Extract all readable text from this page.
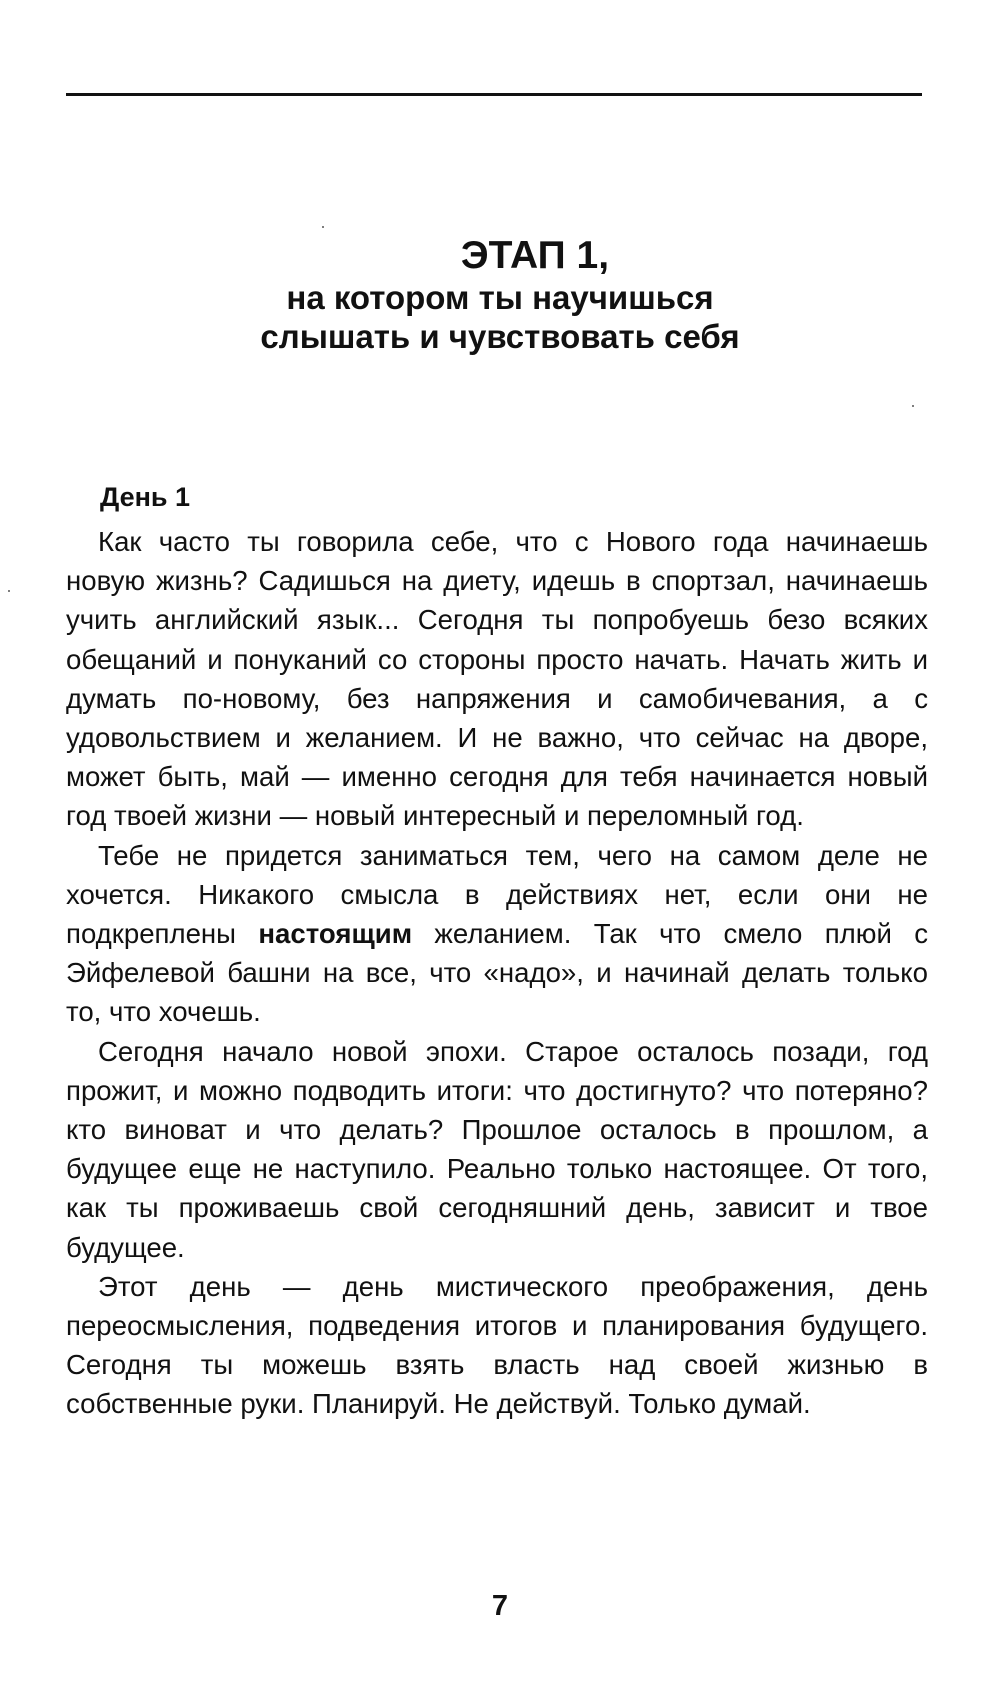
ЭТАП 1,
на котором ты научишься
слышать и чувствовать себя
День 1

Как часто ты говорила себе, что с Нового года начинаешь новую жизнь? Садишься на диету, идешь в спортзал, начинаешь учить английский язык... Сегодня ты попробуешь безо всяких обещаний и понуканий со стороны просто начать. Начать жить и думать по-новому, без напряжения и самобичевания, а с удовольствием и желанием. И не важно, что сейчас на дворе, может быть, май — именно сегодня для тебя начинается новый год твоей жизни — новый интересный и переломный год.

Тебе не придется заниматься тем, чего на самом деле не хочется. Никакого смысла в действиях нет, если они не подкреплены настоящим желанием. Так что смело плюй с Эйфелевой башни на все, что «надо», и начинай делать только то, что хочешь.

Сегодня начало новой эпохи. Старое осталось позади, год прожит, и можно подводить итоги: что достигнуто? что потеряно? кто виноват и что делать? Прошлое осталось в прошлом, а будущее еще не наступило. Реально только настоящее. От того, как ты проживаешь свой сегодняшний день, зависит и твое будущее.

Этот день — день мистического преображения, день переосмысления, подведения итогов и планирования будущего. Сегодня ты можешь взять власть над своей жизнью в собственные руки. Планируй. Не действуй. Только думай.

7
